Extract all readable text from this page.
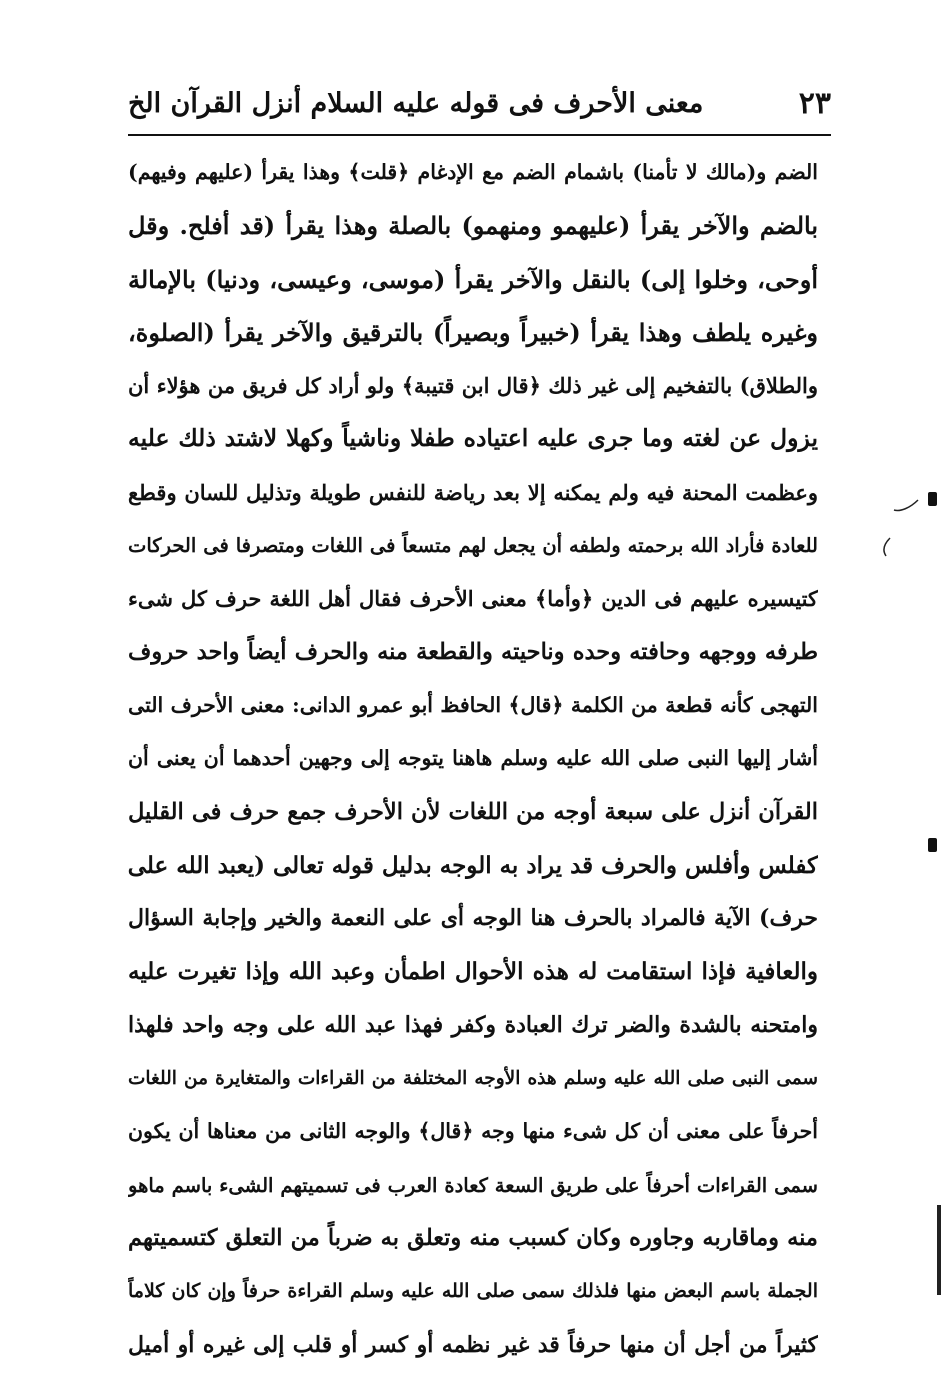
معنى الأحرف فى قوله عليه السلام أنزل القرآن الخ	٢٣
الضم و(مالك لا تأمنا) باشمام الضم مع الإدغام ﴿قلت﴾ وهذا يقرأ (عليهم وفيهم)
بالضم والآخر يقرأ (عليهمو ومنهمو) بالصلة وهذا يقرأ (قد أفلح. وقل
أوحى، وخلوا إلى) بالنقل والآخر يقرأ (موسى، وعيسى، ودنيا) بالإمالة
وغيره يلطف وهذا يقرأ (خبيراً وبصيراً) بالترقيق والآخر يقرأ (الصلوة،
والطلاق) بالتفخيم إلى غير ذلك ﴿قال ابن قتيبة﴾ ولو أراد كل فريق من هؤلاء أن
يزول عن لغته وما جرى عليه اعتياده طفلا وناشياً وكهلا لاشتد ذلك عليه
وعظمت المحنة فيه ولم يمكنه إلا بعد رياضة للنفس طويلة وتذليل للسان وقطع
للعادة فأراد الله برحمته ولطفه أن يجعل لهم متسعاً فى اللغات ومتصرفا فى الحركات
كتيسيره عليهم فى الدين ﴿وأما﴾ معنى الأحرف فقال أهل اللغة حرف كل شىء
طرفه ووجهه وحافته وحده وناحيته والقطعة منه والحرف أيضاً واحد حروف
التهجى كأنه قطعة من الكلمة ﴿قال﴾ الحافظ أبو عمرو الدانى: معنى الأحرف التى
أشار إليها النبى صلى الله عليه وسلم هاهنا يتوجه إلى وجهين أحدهما أن يعنى أن
القرآن أنزل على سبعة أوجه من اللغات لأن الأحرف جمع حرف فى القليل
كفلس وأفلس والحرف قد يراد به الوجه بدليل قوله تعالى (يعبد الله على
حرف) الآية فالمراد بالحرف هنا الوجه أى على النعمة والخير وإجابة السؤال
والعافية فإذا استقامت له هذه الأحوال اطمأن وعبد الله وإذا تغيرت عليه
وامتحنه بالشدة والضر ترك العبادة وكفر فهذا عبد الله على وجه واحد فلهذا
سمى النبى صلى الله عليه وسلم هذه الأوجه المختلفة من القراءات والمتغايرة من اللغات
أحرفاً على معنى أن كل شىء منها وجه ﴿قال﴾ والوجه الثانى من معناها أن يكون
سمى القراءات أحرفاً على طريق السعة كعادة العرب فى تسميتهم الشىء باسم ماهو
منه وماقاربه وجاوره وكان كسبب منه وتعلق به ضرباً من التعلق كتسميتهم
الجملة باسم البعض منها فلذلك سمى صلى الله عليه وسلم القراءة حرفاً وإن كان كلاماً
كثيراً من أجل أن منها حرفاً قد غير نظمه أو كسر أو قلب إلى غيره أو أميل
